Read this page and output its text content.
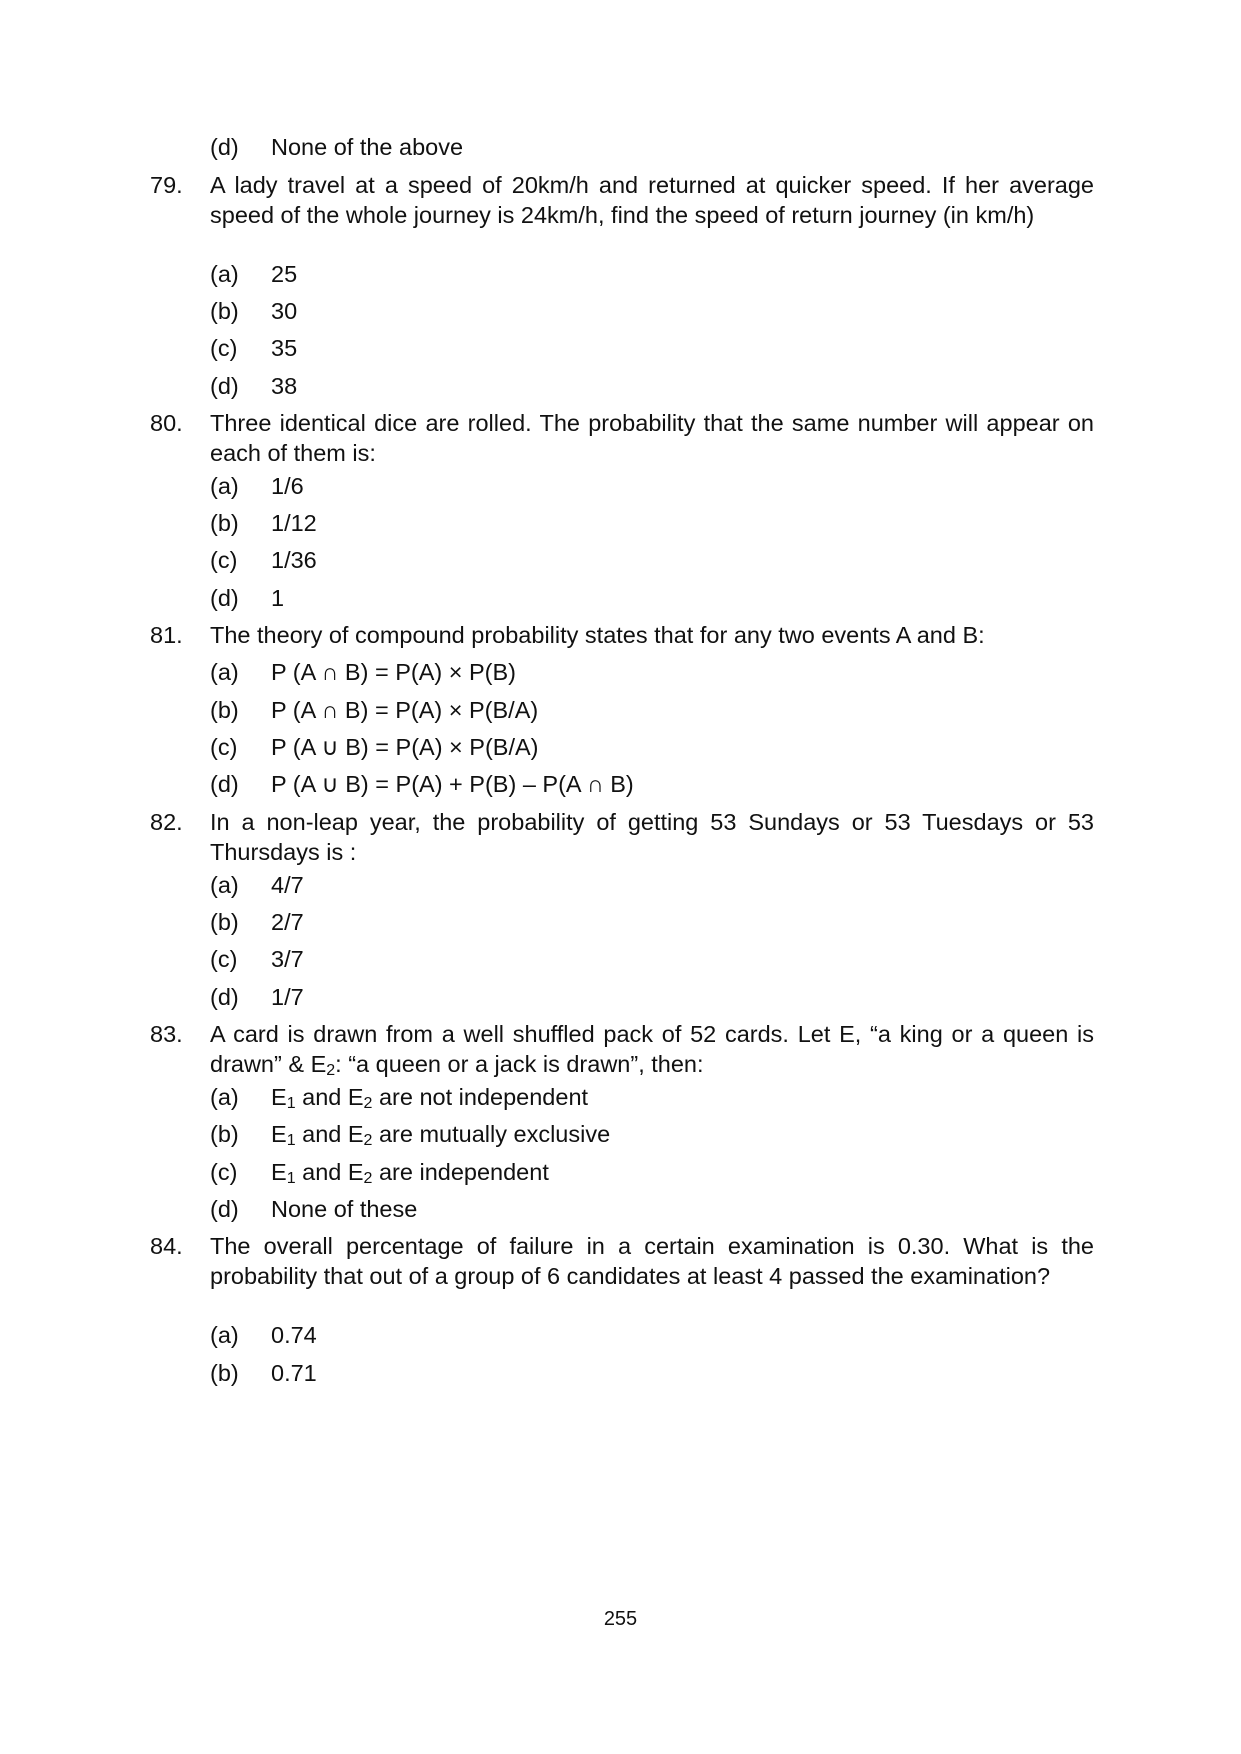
(d) None of the above
79. A lady travel at a speed of 20km/h and returned at quicker speed. If her average speed of the whole journey is 24km/h, find the speed of return journey (in km/h)
(a) 25
(b) 30
(c) 35
(d) 38
80. Three identical dice are rolled. The probability that the same number will appear on each of them is:
(a) 1/6
(b) 1/12
(c) 1/36
(d) 1
81. The theory of compound probability states that for any two events A and B:
(a) P (A ∩ B) = P(A) × P(B)
(b) P (A ∩ B) = P(A) × P(B/A)
(c) P (A ∪ B) = P(A) × P(B/A)
(d) P (A ∪ B) = P(A) + P(B) – P(A ∩ B)
82. In a non-leap year, the probability of getting 53 Sundays or 53 Tuesdays or 53 Thursdays is :
(a) 4/7
(b) 2/7
(c) 3/7
(d) 1/7
83. A card is drawn from a well shuffled pack of 52 cards. Let E, “a king or a queen is drawn” & $E_2$: “a queen or a jack is drawn”, then:
(a) $E_1$ and $E_2$ are not independent
(b) $E_1$ and $E_2$ are mutually exclusive
(c) $E_1$ and $E_2$ are independent
(d) None of these
84. The overall percentage of failure in a certain examination is 0.30. What is the probability that out of a group of 6 candidates at least 4 passed the examination?
(a) 0.74
(b) 0.71
255
